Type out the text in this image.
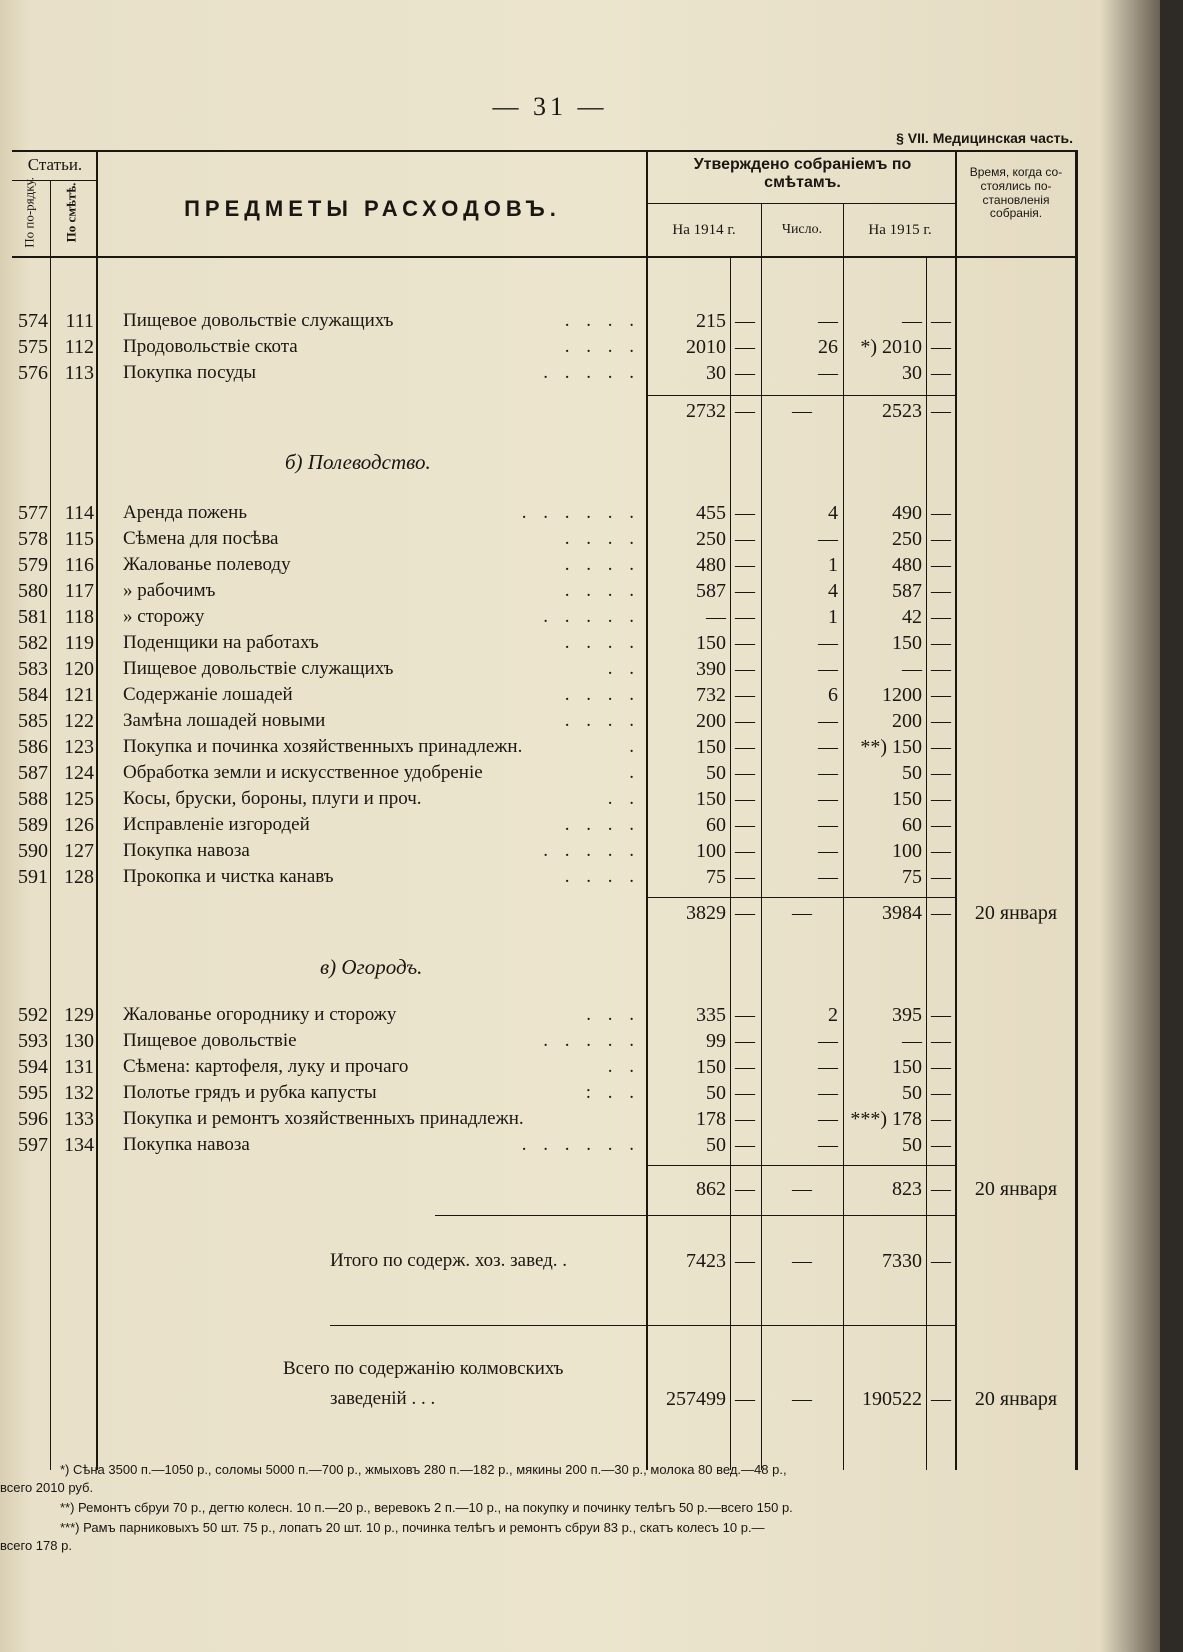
— 31 —
§ VII. Медицинская часть.
Статьи.
По по-рядку. По смѣтѣ.	ПРЕДМЕТЫ РАСХОДОВЪ.
Утверждено собраніемъ по смѣтамъ.
На 1914 г.	Число.	На 1915 г.
Время, когда со-стоялись по-становленія собранія.
574 111 Пищевое довольствіе служащихъ	. . . .	215 —	—	— —
575 112 Продовольствіе скота	. . . .	2010 —	26	*) 2010 —
576 113 Покупка посуды	. . . . .	30 —	—	30 —
2732 —	—	2523 —
б) Полеводство.
577 114 Аренда пожень	. . . . . .	455 —	4	490 —
578 115 Сѣмена для посѣва	. . . .	250 —	—	250 —
579 116 Жалованье полеводу	. . . .	480 —	1	480 —
580 117 » рабочимъ	. . . .	587 —	4	587 —
581 118 » сторожу	. . . . .	— —	1	42 —
582 119 Поденщики на работахъ	. . . .	150 —	—	150 —
583 120 Пищевое довольствіе служащихъ	. .	390 —	—	— —
584 121 Содержаніе лошадей	. . . .	732 —	6	1200 —
585 122 Замѣна лошадей новыми	. . . .	200 —	—	200 —
586 123 Покупка и починка хозяйственныхъ принадлежн.	.	150 —	—	**) 150 —
587 124 Обработка земли и искусственное удобреніе	.	50 —	—	50 —
588 125 Косы, бруски, бороны, плуги и проч.	. .	150 —	—	150 —
589 126 Исправленіе изгородей	. . . .	60 —	—	60 —
590 127 Покупка навоза	. . . . .	100 —	—	100 —
591 128 Прокопка и чистка канавъ	. . . .	75 —	—	75 —
3829 —	—	3984 —	20 января
в) Огородъ.
592 129 Жалованье огороднику и сторожу	. . .	335 —	2	395 —
593 130 Пищевое довольствіе	. . . . .	99 —	—	— —
594 131 Сѣмена: картофеля, луку и прочаго	. .	150 —	—	150 —
595 132 Полотье грядъ и рубка капусты	: . .	50 —	—	50 —
596 133 Покупка и ремонтъ хозяйственныхъ принадлежн.	178 —	— ***) 178 —
597 134 Покупка навоза	. . . . . .	50 —	—	50 —
862 —	—	823 —	20 января
Итого по содерж. хоз. завед. .	7423 —	—	7330 —
Всего по содержанію колмовскихъ
заведеній . . .	257499 —	—	190522 —	20 января
*) Сѣна 3500 п.—1050 р., соломы 5000 п.—700 р., жмыховъ 280 п.—182 р., мякины 200 п.—30 р., молока 80 вед.—48 р.,
всего 2010 руб.
**) Ремонтъ сбруи 70 р., дегтю колесн. 10 п.—20 р., веревокъ 2 п.—10 р., на покупку и починку телѣгъ 50 р.—всего 150 р.
***) Рамъ парниковыхъ 50 шт. 75 р., лопатъ 20 шт. 10 р., починка телѣгъ и ремонтъ сбруи 83 р., скатъ колесъ 10 р.—
всего 178 р.
